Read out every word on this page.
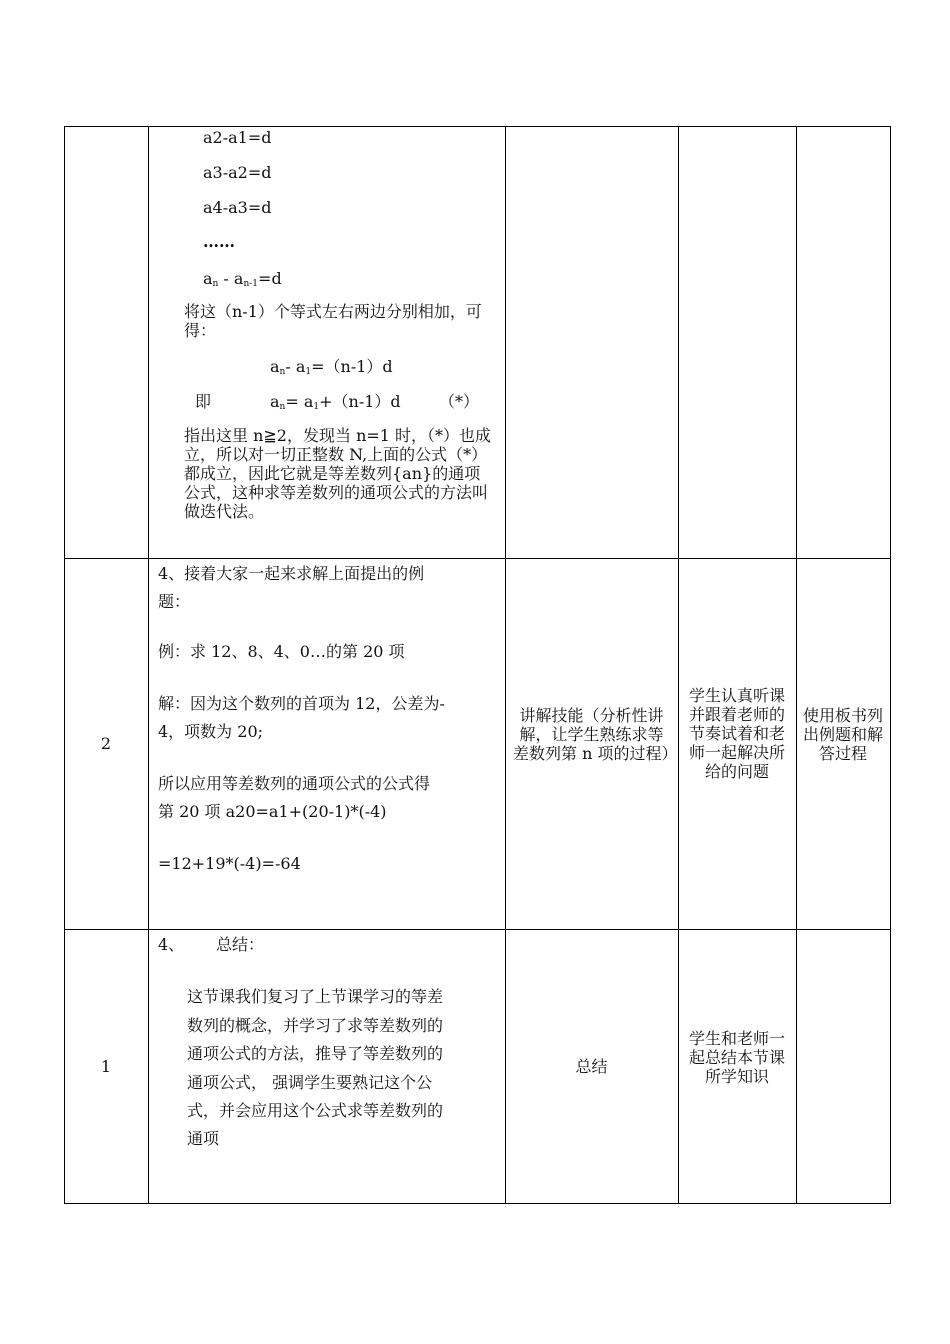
a2-a1=d
a3-a2=d
a4-a3=d
……
$a_n - a_{n-1}=d$
将这（n-1）个等式左右两边分别相加，可得：
$a_n-$ $a_1=(n-1)d$
即	$a_n= a_1+(n-1)d$ （*）
指出这里 n≧2，发现当 n=1 时，（*）也成立，所以对一切正整数 N,上面的公式（*）都成立，因此它就是等差数列{an}的通项公式，这种求等差数列的通项公式的方法叫做迭代法。
2
4、接着大家一起来求解上面提出的例
题：
例：求 12、8、4、0…的第 20 项
解：因为这个数列的首项为 12，公差为-
4，项数为 20;
所以应用等差数列的通项公式的公式得
第 20 项 a20=a1+(20-1)*(-4)
=12+19*(-4)=-64
讲解技能（分析性讲解，让学生熟练求等差数列第 n 项的过程）
学生认真听课并跟着老师的节奏试着和老师一起解决所给的问题
使用板书列出例题和解答过程
1
4、 总结：
这节课我们复习了上节课学习的等差
数列的概念，并学习了求等差数列的
通项公式的方法，推导了等差数列的
通项公式， 强调学生要熟记这个公
式，并会应用这个公式求等差数列的
通项
总结
学生和老师一起总结本节课所学知识
